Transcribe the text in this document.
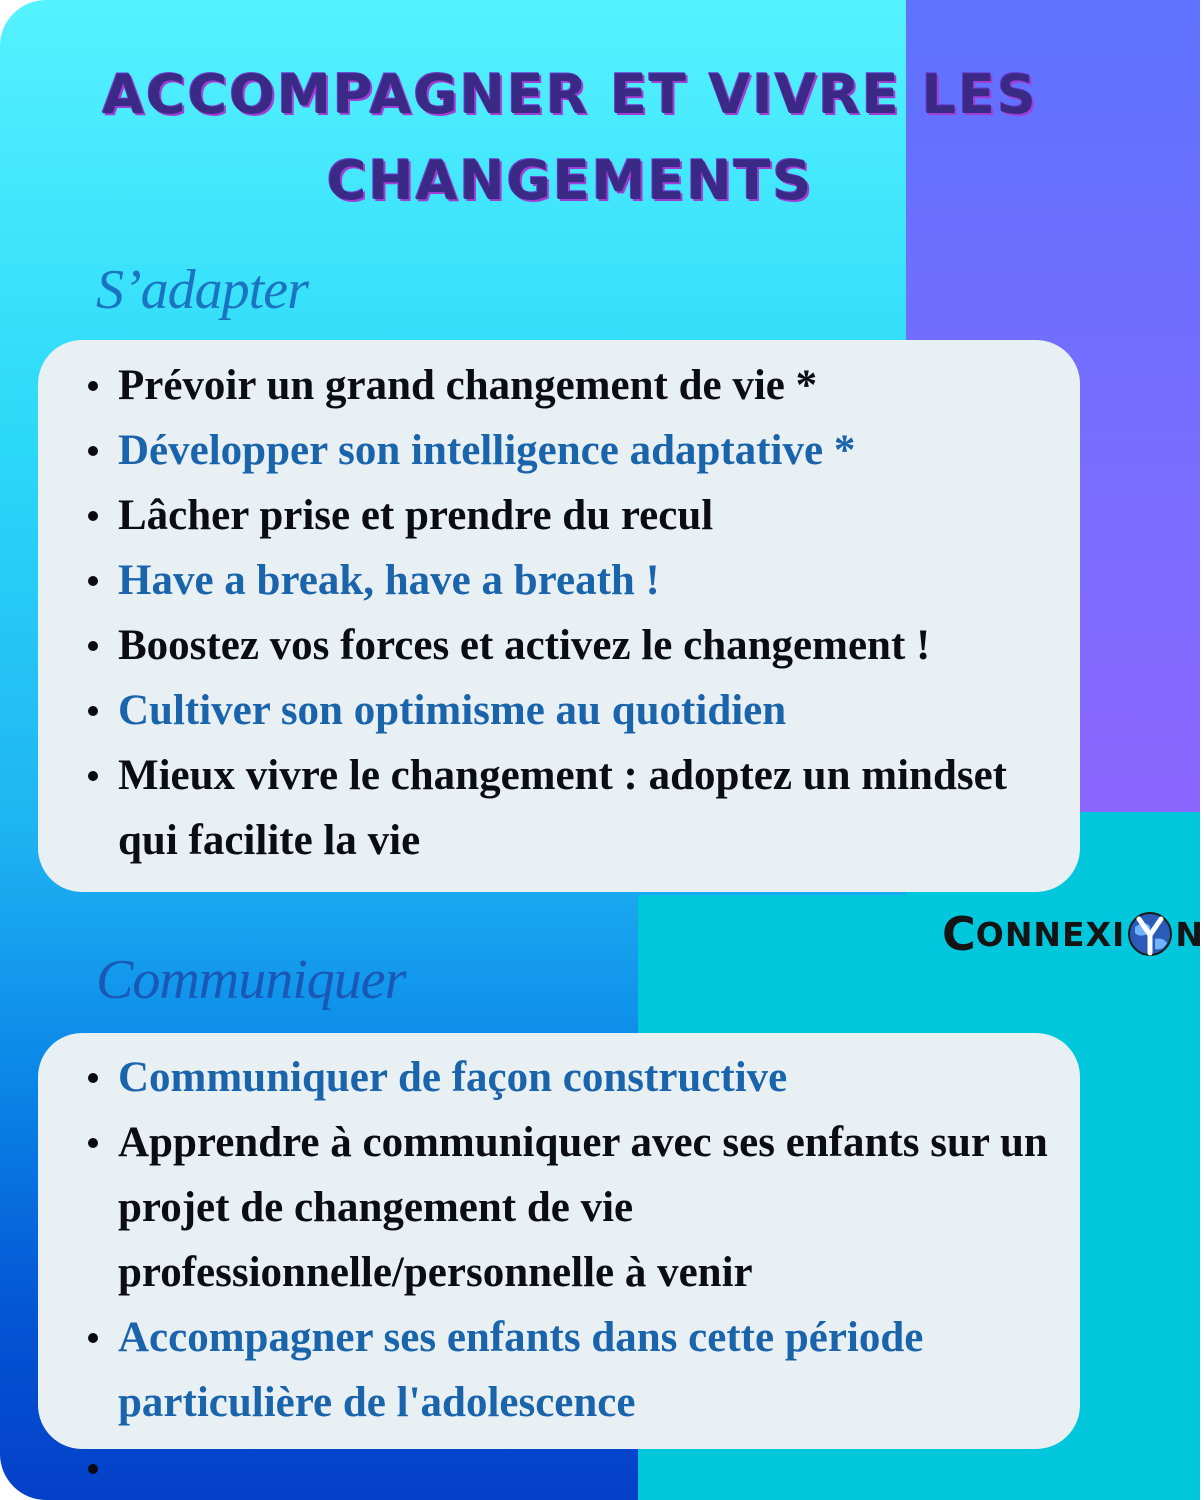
ACCOMPAGNER ET VIVRE LES CHANGEMENTS
S’adapter
Prévoir un grand changement de vie *
Développer son intelligence adaptative *
Lâcher prise et prendre du recul
Have a break, have a breath !
Boostez vos forces et activez le changement !
Cultiver son optimisme au quotidien
Mieux vivre le changement : adoptez un mindset qui facilite la vie
C ONNEXI N
Communiquer
Communiquer de façon constructive
Apprendre à communiquer avec ses enfants sur un projet de changement de vie professionnelle/personnelle à venir
Accompagner ses enfants dans cette période particulière de l'adolescence
